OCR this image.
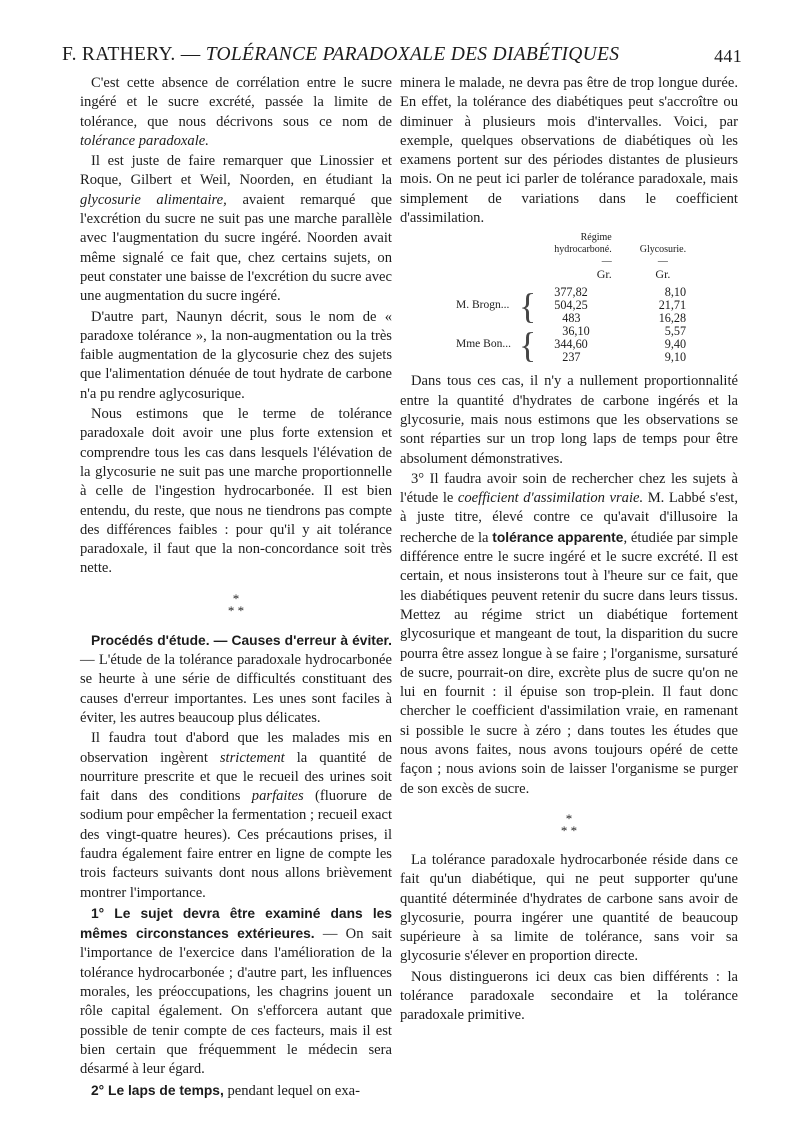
F. RATHERY. — TOLÉRANCE PARADOXALE DES DIABÉTIQUES	441

C'est cette absence de corrélation entre le sucre ingéré et le sucre excrété, passée la limite de tolérance, que nous décrivons sous ce nom de tolérance paradoxale.

Il est juste de faire remarquer que Linossier et Roque, Gilbert et Weil, Noorden, en étudiant la glycosurie alimentaire, avaient remarqué que l'excrétion du sucre ne suit pas une marche parallèle avec l'augmentation du sucre ingéré. Noorden avait même signalé ce fait que, chez certains sujets, on peut constater une baisse de l'excrétion du sucre avec une augmentation du sucre ingéré.

D'autre part, Naunyn décrit, sous le nom de « paradoxe tolérance », la non-augmentation ou la très faible augmentation de la glycosurie chez des sujets que l'alimentation dénuée de tout hydrate de carbone n'a pu rendre aglycosurique.

Nous estimons que le terme de tolérance paradoxale doit avoir une plus forte extension et comprendre tous les cas dans lesquels l'élévation de la glycosurie ne suit pas une marche proportionnelle à celle de l'ingestion hydrocarbonée. Il est bien entendu, du reste, que nous ne tiendrons pas compte des différences faibles : pour qu'il y ait tolérance paradoxale, il faut que la non-concordance soit très nette.

*
* *

Procédés d'étude. — Causes d'erreur à éviter. — L'étude de la tolérance paradoxale hydrocarbonée se heurte à une série de difficultés constituant des causes d'erreur importantes. Les unes sont faciles à éviter, les autres beaucoup plus délicates.

Il faudra tout d'abord que les malades mis en observation ingèrent strictement la quantité de nourriture prescrite et que le recueil des urines soit fait dans des conditions parfaites (fluorure de sodium pour empêcher la fermentation ; recueil exact des vingt-quatre heures). Ces précautions prises, il faudra également faire entrer en ligne de compte les trois facteurs suivants dont nous allons brièvement montrer l'importance.

1° Le sujet devra être examiné dans les mêmes circonstances extérieures. — On sait l'importance de l'exercice dans l'amélioration de la tolérance hydrocarbonée ; d'autre part, les influences morales, les préoccupations, les chagrins jouent un rôle capital également. On s'efforcera autant que possible de tenir compte de ces facteurs, mais il est bien certain que fréquemment le médecin sera désarmé à leur égard.

2° Le laps de temps, pendant lequel on exa-

minera le malade, ne devra pas être de trop longue durée. En effet, la tolérance des diabétiques peut s'accroître ou diminuer à plusieurs mois d'intervalles. Voici, par exemple, quelques observations de diabétiques où les examens portent sur des périodes distantes de plusieurs mois. On ne peut ici parler de tolérance paradoxale, mais simplement de variations dans le coefficient d'assimilation.

		Régime
hydrocarboné.	Glycosurie.
		—	—
		Gr.	Gr.
M. Brogn...	{	377,82	8,10
		504,25	21,71
		483	16,28
Mme Bon...	{	36,10	5,57
		344,60	9,40
		237	9,10

Dans tous ces cas, il n'y a nullement proportionnalité entre la quantité d'hydrates de carbone ingérés et la glycosurie, mais nous estimons que les observations se sont réparties sur un trop long laps de temps pour être absolument démonstratives.

3° Il faudra avoir soin de rechercher chez les sujets à l'étude le coefficient d'assimilation vraie. M. Labbé s'est, à juste titre, élevé contre ce qu'avait d'illusoire la recherche de la tolérance apparente, étudiée par simple différence entre le sucre ingéré et le sucre excrété. Il est certain, et nous insisterons tout à l'heure sur ce fait, que les diabétiques peuvent retenir du sucre dans leurs tissus. Mettez au régime strict un diabétique fortement glycosurique et mangeant de tout, la disparition du sucre pourra être assez longue à se faire ; l'organisme, sursaturé de sucre, pourrait-on dire, excrète plus de sucre qu'on ne lui en fournit : il épuise son trop-plein. Il faut donc chercher le coefficient d'assimilation vraie, en ramenant si possible le sucre à zéro ; dans toutes les études que nous avons faites, nous avons toujours opéré de cette façon ; nous avions soin de laisser l'organisme se purger de son excès de sucre.

*
* *

La tolérance paradoxale hydrocarbonée réside dans ce fait qu'un diabétique, qui ne peut supporter qu'une quantité déterminée d'hydrates de carbone sans avoir de glycosurie, pourra ingérer une quantité de beaucoup supérieure à sa limite de tolérance, sans voir sa glycosurie s'élever en proportion directe.

Nous distinguerons ici deux cas bien différents : la tolérance paradoxale secondaire et la tolérance paradoxale primitive.
